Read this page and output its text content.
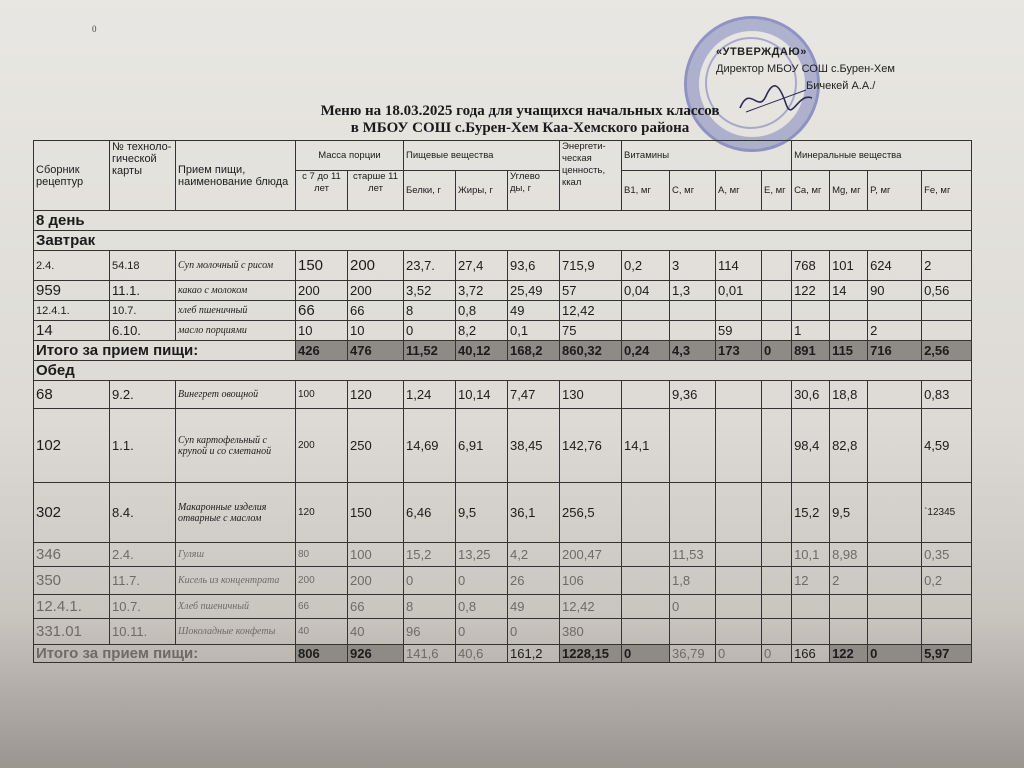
0
«УТВЕРЖДАЮ»
Директор МБОУ СОШ с.Бурен-Хем
Бичекей А.А./
Меню на 18.03.2025 года для учащихся начальных классов
в МБОУ СОШ с.Бурен-Хем Каа-Хемского района
Сборник рецептур	№ техноло-гической карты	Прием пищи, наименование блюда	Масса порции		Пищевые вещества			Энергети-ческая ценность, ккал	Витамины				Минеральные вещества			
			с 7 до 11 лет	старше 11 лет	Белки, г	Жиры, г	Углево ды, г		B1, мг	C, мг	A, мг	E, мг	Ca, мг	Mg, мг	P, мг	Fe, мг
8 день																
Завтрак																
2.4.	54.18	Суп молочный с рисом	150	200	23,7.	27,4	93,6	715,9	0,2	3	114		768	101	624	2
959	11.1.	какао с молоком	200	200	3,52	3,72	25,49	57	0,04	1,3	0,01		122	14	90	0,56
12.4.1.	10.7.	хлеб пшеничный	66	66	8	0,8	49	12,42								
14	6.10.	масло порциями	10	10	0	8,2	0,1	75			59		1		2	
Итого за прием пищи:			426	476	11,52	40,12	168,2	860,32	0,24	4,3	173	0	891	115	716	2,56
Обед																
68	9.2.	Винегрет овощной	100	120	1,24	10,14	7,47	130		9,36			30,6	18,8		0,83
102	1.1.	Суп картофельный с крупой и со сметаной	200	250	14,69	6,91	38,45	142,76	14,1				98,4	82,8		4,59
302	8.4.	Макаронные изделия отварные с маслом	120	150	6,46	9,5	36,1	256,5					15,2	9,5		`12345
346	2.4.	Гуляш	80	100	15,2	13,25	4,2	200,47		11,53			10,1	8,98		0,35
350	11.7.	Кисель из концентрата	200	200	0	0	26	106		1,8			12	2		0,2
12.4.1.	10.7.	Хлеб пшеничный	66	66	8	0,8	49	12,42		0						
331.01	10.11.	Шоколадные конфеты	40	40	96	0	0	380								
Итого за прием пищи:			806	926	141,6	40,6	161,2	1228,15	0	36,79	0	0	166	122	0	5,97
